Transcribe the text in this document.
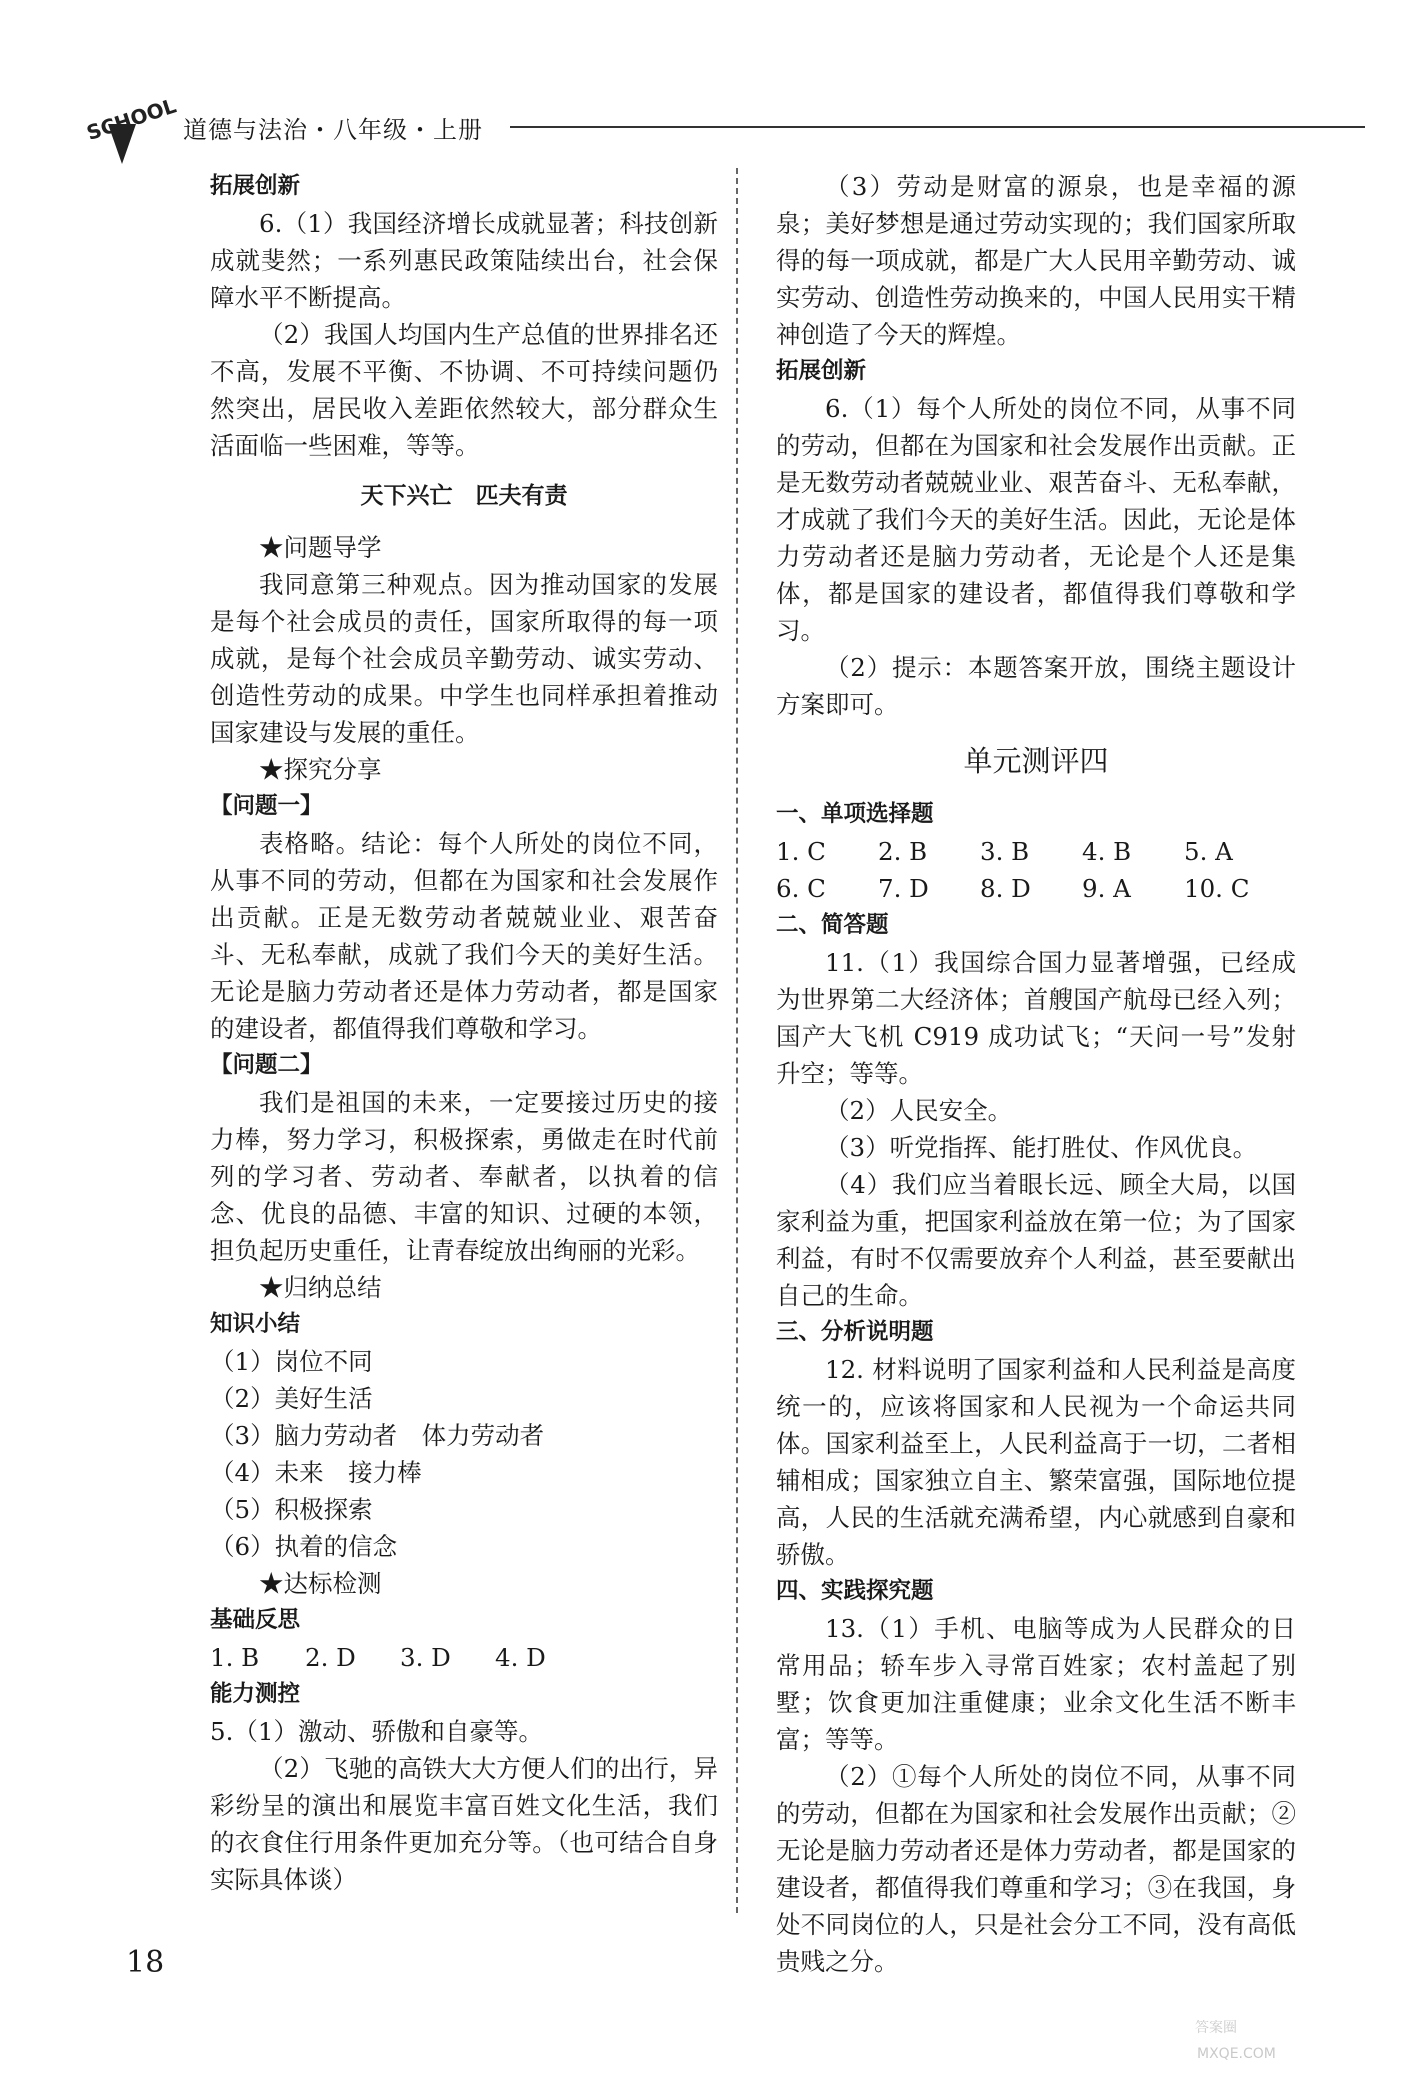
SCHOOL 道德与法治・八年级・上册

拓展创新

6.（1）我国经济增长成就显著；科技创新成就斐然；一系列惠民政策陆续出台，社会保障水平不断提高。

（2）我国人均国内生产总值的世界排名还不高，发展不平衡、不协调、不可持续问题仍然突出，居民收入差距依然较大，部分群众生活面临一些困难，等等。

天下兴亡　匹夫有责

★问题导学

我同意第三种观点。因为推动国家的发展是每个社会成员的责任，国家所取得的每一项成就，是每个社会成员辛勤劳动、诚实劳动、创造性劳动的成果。中学生也同样承担着推动国家建设与发展的重任。

★探究分享

【问题一】

表格略。结论：每个人所处的岗位不同，从事不同的劳动，但都在为国家和社会发展作出贡献。正是无数劳动者兢兢业业、艰苦奋斗、无私奉献，成就了我们今天的美好生活。无论是脑力劳动者还是体力劳动者，都是国家的建设者，都值得我们尊敬和学习。

【问题二】

我们是祖国的未来，一定要接过历史的接力棒，努力学习，积极探索，勇做走在时代前列的学习者、劳动者、奉献者，以执着的信念、优良的品德、丰富的知识、过硬的本领，担负起历史重任，让青春绽放出绚丽的光彩。

★归纳总结

知识小结

（1）岗位不同

（2）美好生活

（3）脑力劳动者　体力劳动者

（4）未来　接力棒

（5）积极探索

（6）执着的信念

★达标检测

基础反思

1. B	2. D	3. D	4. D

能力测控

5.（1）激动、骄傲和自豪等。

（2）飞驰的高铁大大方便人们的出行，异彩纷呈的演出和展览丰富百姓文化生活，我们的衣食住行用条件更加充分等。（也可结合自身实际具体谈）

（3）劳动是财富的源泉，也是幸福的源泉；美好梦想是通过劳动实现的；我们国家所取得的每一项成就，都是广大人民用辛勤劳动、诚实劳动、创造性劳动换来的，中国人民用实干精神创造了今天的辉煌。

拓展创新

6.（1）每个人所处的岗位不同，从事不同的劳动，但都在为国家和社会发展作出贡献。正是无数劳动者兢兢业业、艰苦奋斗、无私奉献，才成就了我们今天的美好生活。因此，无论是体力劳动者还是脑力劳动者，无论是个人还是集体，都是国家的建设者，都值得我们尊敬和学习。

（2）提示：本题答案开放，围绕主题设计方案即可。

单元测评四

一、单项选择题

1. C	2. B	3. B	4. B	5. A

6. C	7. D	8. D	9. A	10. C

二、简答题

11.（1）我国综合国力显著增强，已经成为世界第二大经济体；首艘国产航母已经入列；国产大飞机 C919 成功试飞；“天问一号”发射升空；等等。

（2）人民安全。

（3）听党指挥、能打胜仗、作风优良。

（4）我们应当着眼长远、顾全大局，以国家利益为重，把国家利益放在第一位；为了国家利益，有时不仅需要放弃个人利益，甚至要献出自己的生命。

三、分析说明题

12. 材料说明了国家利益和人民利益是高度统一的，应该将国家和人民视为一个命运共同体。国家利益至上，人民利益高于一切，二者相辅相成；国家独立自主、繁荣富强，国际地位提高，人民的生活就充满希望，内心就感到自豪和骄傲。

四、实践探究题

13.（1）手机、电脑等成为人民群众的日常用品；轿车步入寻常百姓家；农村盖起了别墅；饮食更加注重健康；业余文化生活不断丰富；等等。

（2）①每个人所处的岗位不同，从事不同的劳动，但都在为国家和社会发展作出贡献；②无论是脑力劳动者还是体力劳动者，都是国家的建设者，都值得我们尊重和学习；③在我国，身处不同岗位的人，只是社会分工不同，没有高低贵贱之分。

18
答案圈
MXQE.COM
